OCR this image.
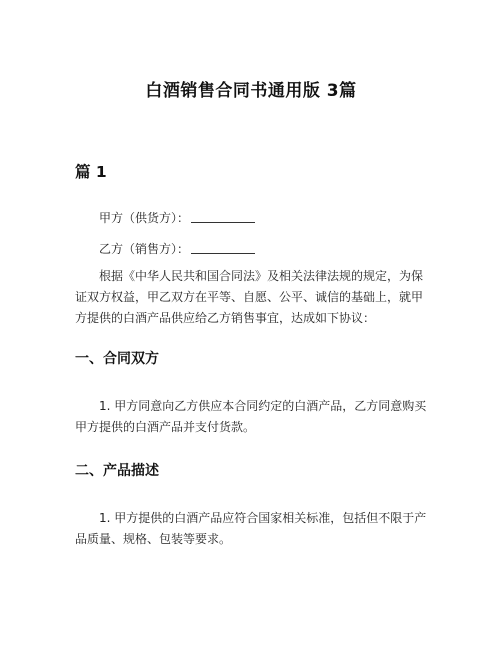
白酒销售合同书通用版 3篇
篇 1
甲方（供货方）：
乙方（销售方）：
根据《中华人民共和国合同法》及相关法律法规的规定，为保证双方权益，甲乙双方在平等、自愿、公平、诚信的基础上，就甲方提供的白酒产品供应给乙方销售事宜，达成如下协议：
一、合同双方
1. 甲方同意向乙方供应本合同约定的白酒产品，乙方同意购买甲方提供的白酒产品并支付货款。
二、产品描述
1. 甲方提供的白酒产品应符合国家相关标准，包括但不限于产品质量、规格、包装等要求。
